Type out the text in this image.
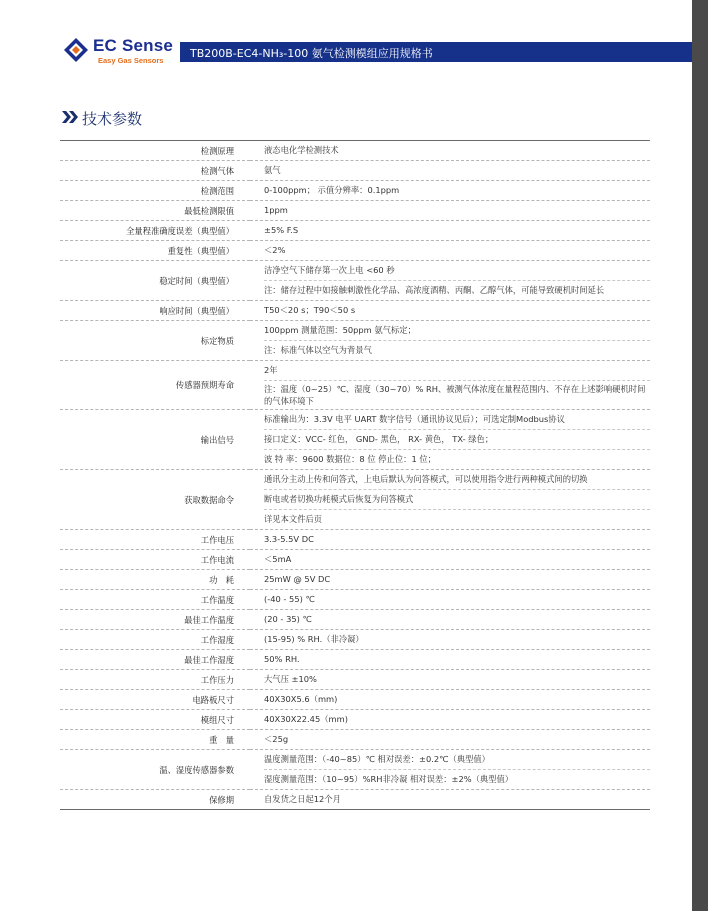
EC Sense
Easy Gas Sensors
TB200B-EC4-NH₃-100 氨气检测模组应用规格书
技术参数
检测原理	液态电化学检测技术

检测气体	氨气

检测范围	0-100ppm； 示值分辨率：0.1ppm

最低检测限值	1ppm

全量程准确度误差（典型值）	±5% F.S

重复性（典型值）	＜2%

稳定时间（典型值）	洁净空气下储存第一次上电 <60 秒
注：储存过程中如接触刺激性化学品、高浓度酒精、丙酮、乙醇气体，可能导致硬机时间延长

响应时间（典型值）	T50＜20 s；T90＜50 s

标定物质	100ppm 测量范围：50ppm 氨气标定；
注：标准气体以空气为背景气

传感器预期寿命	2年
注：温度（0~25）℃、湿度（30~70）% RH、被测气体浓度在量程范围内、不存在上述影响硬机时间的气体环境下

输出信号	标准输出为：3.3V 电平 UART 数字信号（通讯协议见后）；可选定制Modbus协议
接口定义：VCC- 红色， GND- 黑色， RX- 黄色， TX- 绿色；
波 特 率：9600 数据位：8 位 停止位：1 位；

获取数据命令	通讯分主动上传和问答式，上电后默认为问答模式，可以使用指令进行两种模式间的切换
断电或者切换功耗模式后恢复为问答模式
详见本文件后页

工作电压	3.3-5.5V DC

工作电流	＜5mA

功　耗	25mW @ 5V DC

工作温度	(-40 - 55) ℃

最佳工作温度	(20 - 35) ℃

工作湿度	(15-95) % RH.（非冷凝）

最佳工作湿度	50% RH.

工作压力	大气压 ±10%

电路板尺寸	40X30X5.6（mm)

模组尺寸	40X30X22.45（mm)

重　量	＜25g

温、湿度传感器参数	温度测量范围：（-40~85）℃ 相对误差：±0.2℃（典型值）
湿度测量范围：（10~95）%RH非冷凝 相对误差：±2%（典型值）

保修期	自发货之日起12个月
